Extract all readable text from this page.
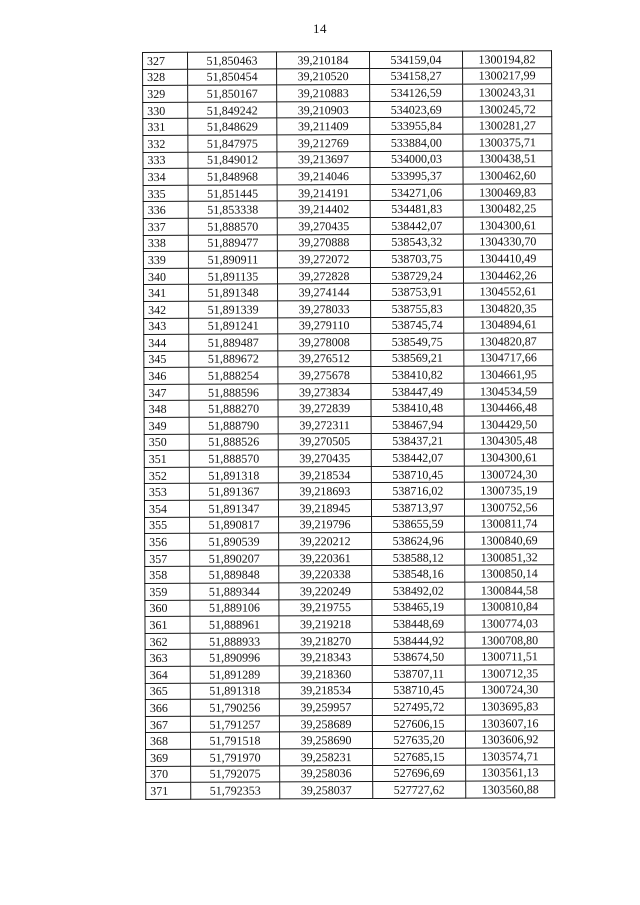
14
327	51,850463	39,210184	534159,04	1300194,82
328	51,850454	39,210520	534158,27	1300217,99
329	51,850167	39,210883	534126,59	1300243,31
330	51,849242	39,210903	534023,69	1300245,72
331	51,848629	39,211409	533955,84	1300281,27
332	51,847975	39,212769	533884,00	1300375,71
333	51,849012	39,213697	534000,03	1300438,51
334	51,848968	39,214046	533995,37	1300462,60
335	51,851445	39,214191	534271,06	1300469,83
336	51,853338	39,214402	534481,83	1300482,25
337	51,888570	39,270435	538442,07	1304300,61
338	51,889477	39,270888	538543,32	1304330,70
339	51,890911	39,272072	538703,75	1304410,49
340	51,891135	39,272828	538729,24	1304462,26
341	51,891348	39,274144	538753,91	1304552,61
342	51,891339	39,278033	538755,83	1304820,35
343	51,891241	39,279110	538745,74	1304894,61
344	51,889487	39,278008	538549,75	1304820,87
345	51,889672	39,276512	538569,21	1304717,66
346	51,888254	39,275678	538410,82	1304661,95
347	51,888596	39,273834	538447,49	1304534,59
348	51,888270	39,272839	538410,48	1304466,48
349	51,888790	39,272311	538467,94	1304429,50
350	51,888526	39,270505	538437,21	1304305,48
351	51,888570	39,270435	538442,07	1304300,61
352	51,891318	39,218534	538710,45	1300724,30
353	51,891367	39,218693	538716,02	1300735,19
354	51,891347	39,218945	538713,97	1300752,56
355	51,890817	39,219796	538655,59	1300811,74
356	51,890539	39,220212	538624,96	1300840,69
357	51,890207	39,220361	538588,12	1300851,32
358	51,889848	39,220338	538548,16	1300850,14
359	51,889344	39,220249	538492,02	1300844,58
360	51,889106	39,219755	538465,19	1300810,84
361	51,888961	39,219218	538448,69	1300774,03
362	51,888933	39,218270	538444,92	1300708,80
363	51,890996	39,218343	538674,50	1300711,51
364	51,891289	39,218360	538707,11	1300712,35
365	51,891318	39,218534	538710,45	1300724,30
366	51,790256	39,259957	527495,72	1303695,83
367	51,791257	39,258689	527606,15	1303607,16
368	51,791518	39,258690	527635,20	1303606,92
369	51,791970	39,258231	527685,15	1303574,71
370	51,792075	39,258036	527696,69	1303561,13
371	51,792353	39,258037	527727,62	1303560,88
